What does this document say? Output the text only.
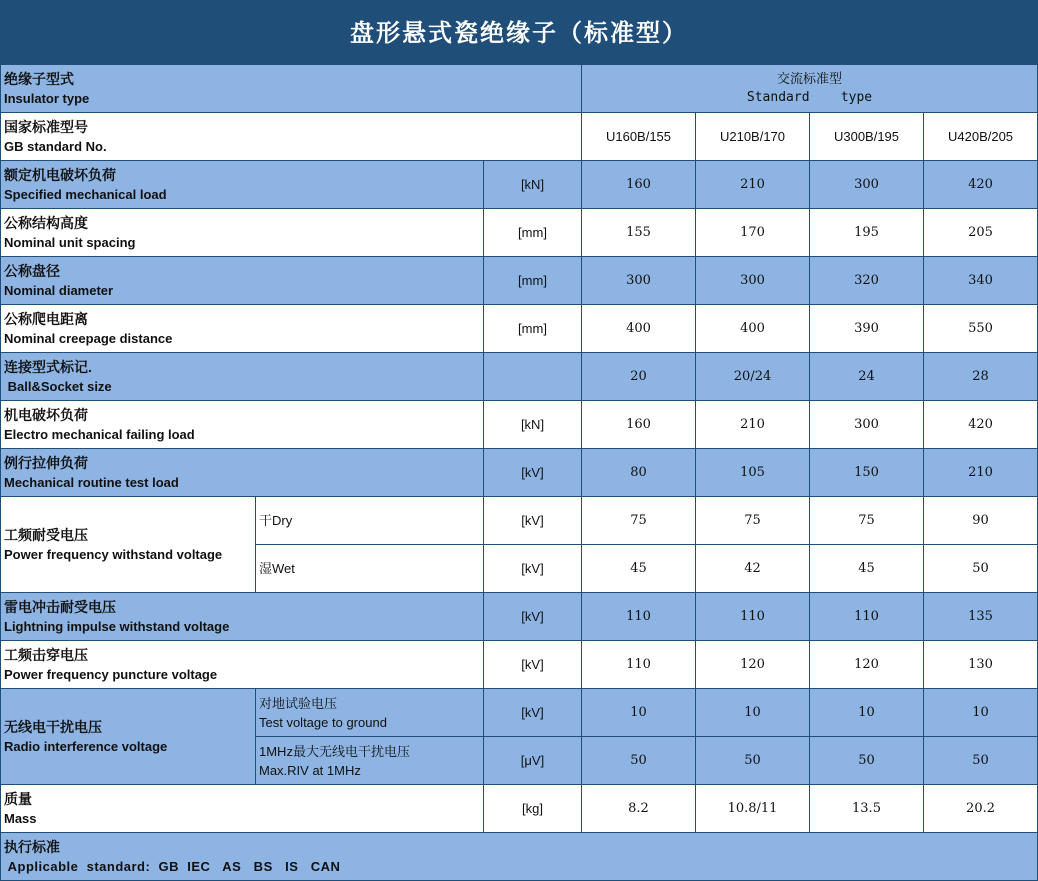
盘形悬式瓷绝缘子（标准型）
绝缘子型式
Insulator type			交流标准型
Standard    type			

国家标准型号
GB standard No.			U160B/155	U210B/170	U300B/195	U420B/205

额定机电破坏负荷
Specified mechanical load		[kN]	160	210	300	420

公称结构高度
Nominal unit spacing		[mm]	155	170	195	205

公称盘径
Nominal diameter		[mm]	300	300	320	340

公称爬电距离
Nominal creepage distance		[mm]	400	400	390	550

连接型式标记.
Ball&Socket size			20	20/24	24	28

机电破坏负荷
Electro mechanical failing load		[kN]	160	210	300	420

例行拉伸负荷
Mechanical routine test load		[kV]	80	105	150	210

工频耐受电压
Power frequency withstand voltage	干Dry	[kV]	75	75	75	90

	湿Wet	[kV]	45	42	45	50

雷电冲击耐受电压
Lightning impulse withstand voltage		[kV]	110	110	110	135

工频击穿电压
Power frequency puncture voltage		[kV]	110	120	120	130

无线电干扰电压
Radio interference voltage	对地试验电压
Test voltage to ground	[kV]	10	10	10	10

	1MHz最大无线电干扰电压
Max.RIV at 1MHz	[μV]	50	50	50	50

质量
Mass		[kg]	8.2	10.8/11	13.5	20.2

执行标准
Applicable  standard:  GB  IEC   AS   BS   IS   CAN						
